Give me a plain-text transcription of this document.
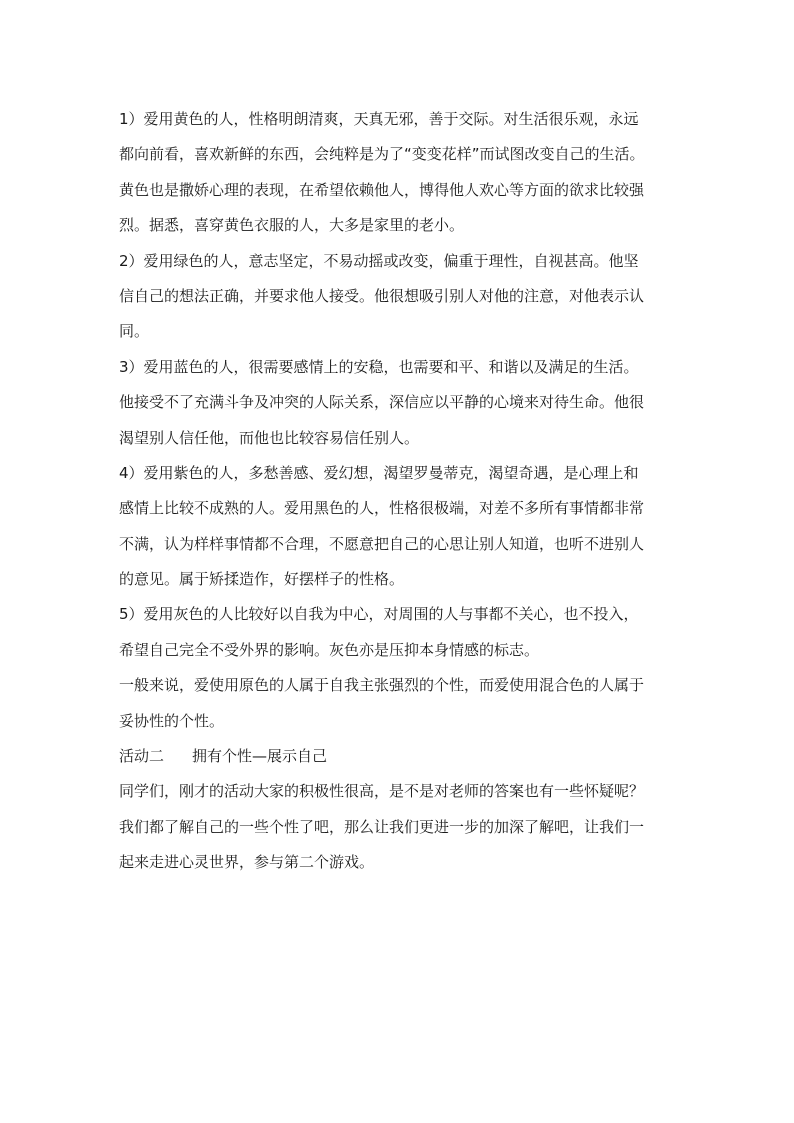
1）爱用黄色的人，性格明朗清爽，天真无邪，善于交际。对生活很乐观，永远
都向前看，喜欢新鲜的东西，会纯粹是为了“变变花样”而试图改变自己的生活。
黄色也是撒娇心理的表现，在希望依赖他人，博得他人欢心等方面的欲求比较强
烈。据悉，喜穿黄色衣服的人，大多是家里的老小。
2）爱用绿色的人，意志坚定，不易动摇或改变，偏重于理性，自视甚高。他坚
信自己的想法正确，并要求他人接受。他很想吸引别人对他的注意，对他表示认
同。
3）爱用蓝色的人，很需要感情上的安稳，也需要和平、和谐以及满足的生活。
他接受不了充满斗争及冲突的人际关系，深信应以平静的心境来对待生命。他很
渴望别人信任他，而他也比较容易信任别人。
4）爱用紫色的人，多愁善感、爱幻想，渴望罗曼蒂克，渴望奇遇，是心理上和
感情上比较不成熟的人。爱用黑色的人，性格很极端，对差不多所有事情都非常
不满，认为样样事情都不合理，不愿意把自己的心思让别人知道，也听不进别人
的意见。属于矫揉造作，好摆样子的性格。
5）爱用灰色的人比较好以自我为中心，对周围的人与事都不关心，也不投入，
希望自己完全不受外界的影响。灰色亦是压抑本身情感的标志。
一般来说，爱使用原色的人属于自我主张强烈的个性，而爱使用混合色的人属于
妥协性的个性。
活动二 拥有个性—展示自己
同学们，刚才的活动大家的积极性很高，是不是对老师的答案也有一些怀疑呢？
我们都了解自己的一些个性了吧，那么让我们更进一步的加深了解吧，让我们一
起来走进心灵世界，参与第二个游戏。
